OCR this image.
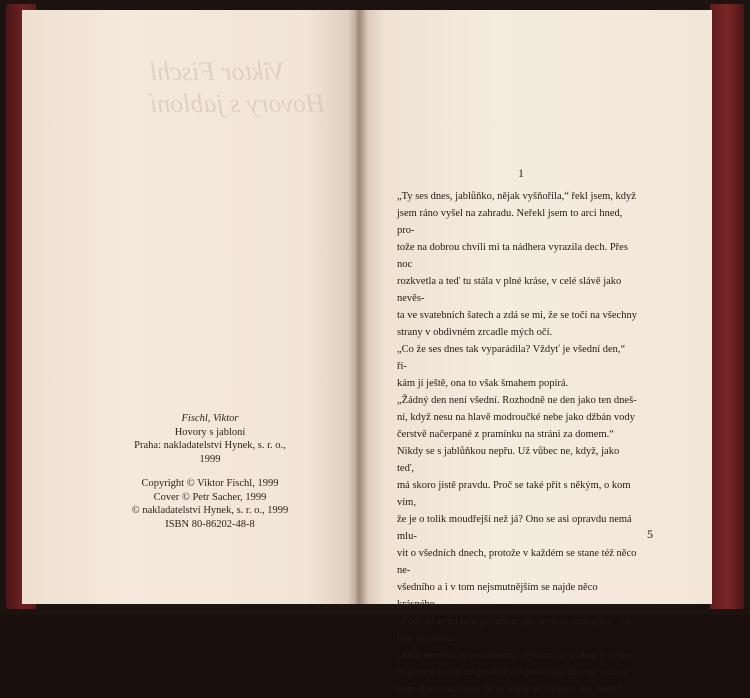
Viktor Fischl
Hovory s jabloní
Fischl, Viktor
Hovory s jabloní
Praha: nakladatelství Hynek, s. r. o., 1999
Copyright © Viktor Fischl, 1999
Cover © Petr Sacher, 1999
© nakladatelství Hynek, s. r. o., 1999
ISBN 80-86202-48-8
1

„Ty ses dnes, jablůňko, nějak vyšňořila,“ řekl jsem, když

jsem ráno vyšel na zahradu. Neřekl jsem to arci hned, pro-

tože na dobrou chvíli mi ta nádhera vyrazila dech. Přes noc

rozkvetla a teď tu stála v plné kráse, v celé slávě jako nevěs-

ta ve svatebních šatech a zdá se mi, že se točí na všechny

strany v obdivném zrcadle mých očí.

„Co že ses dnes tak vyparádila? Vždyť je všední den,“ ří-

kám jí ještě, ona to však šmahem popírá.

„Žádný den není všední. Rozhodně ne den jako ten dneš-

ní, když nesu na hlavě modroučké nebe jako džbán vody

čerstvě načerpané z pramínku na stráni za domem.“

Nikdy se s jablůňkou nepřu. Už vůbec ne, když, jako teď,

má skoro jistě pravdu. Proč se také přít s někým, o kom vím,

že je o tolik moudřejší než já? Ono se asi opravdu nemá mlu-

vit o všedních dnech, protože v každém se stane též něco ne-

všedního a i v tom nejsmutnějším se najde něco krásného.

„Podívej se na naši jablůňku, jak se dnes vystrojila,“ vo-

lám na Olinu.

„Jako nevěsta ve svatebním,“ vykloní se z okna a vyslo-

ví přesně to, co mi před chvílí probleskl hlavou, což se

nám stává tak často, že se tomu už žádný z nás nediví.

5
